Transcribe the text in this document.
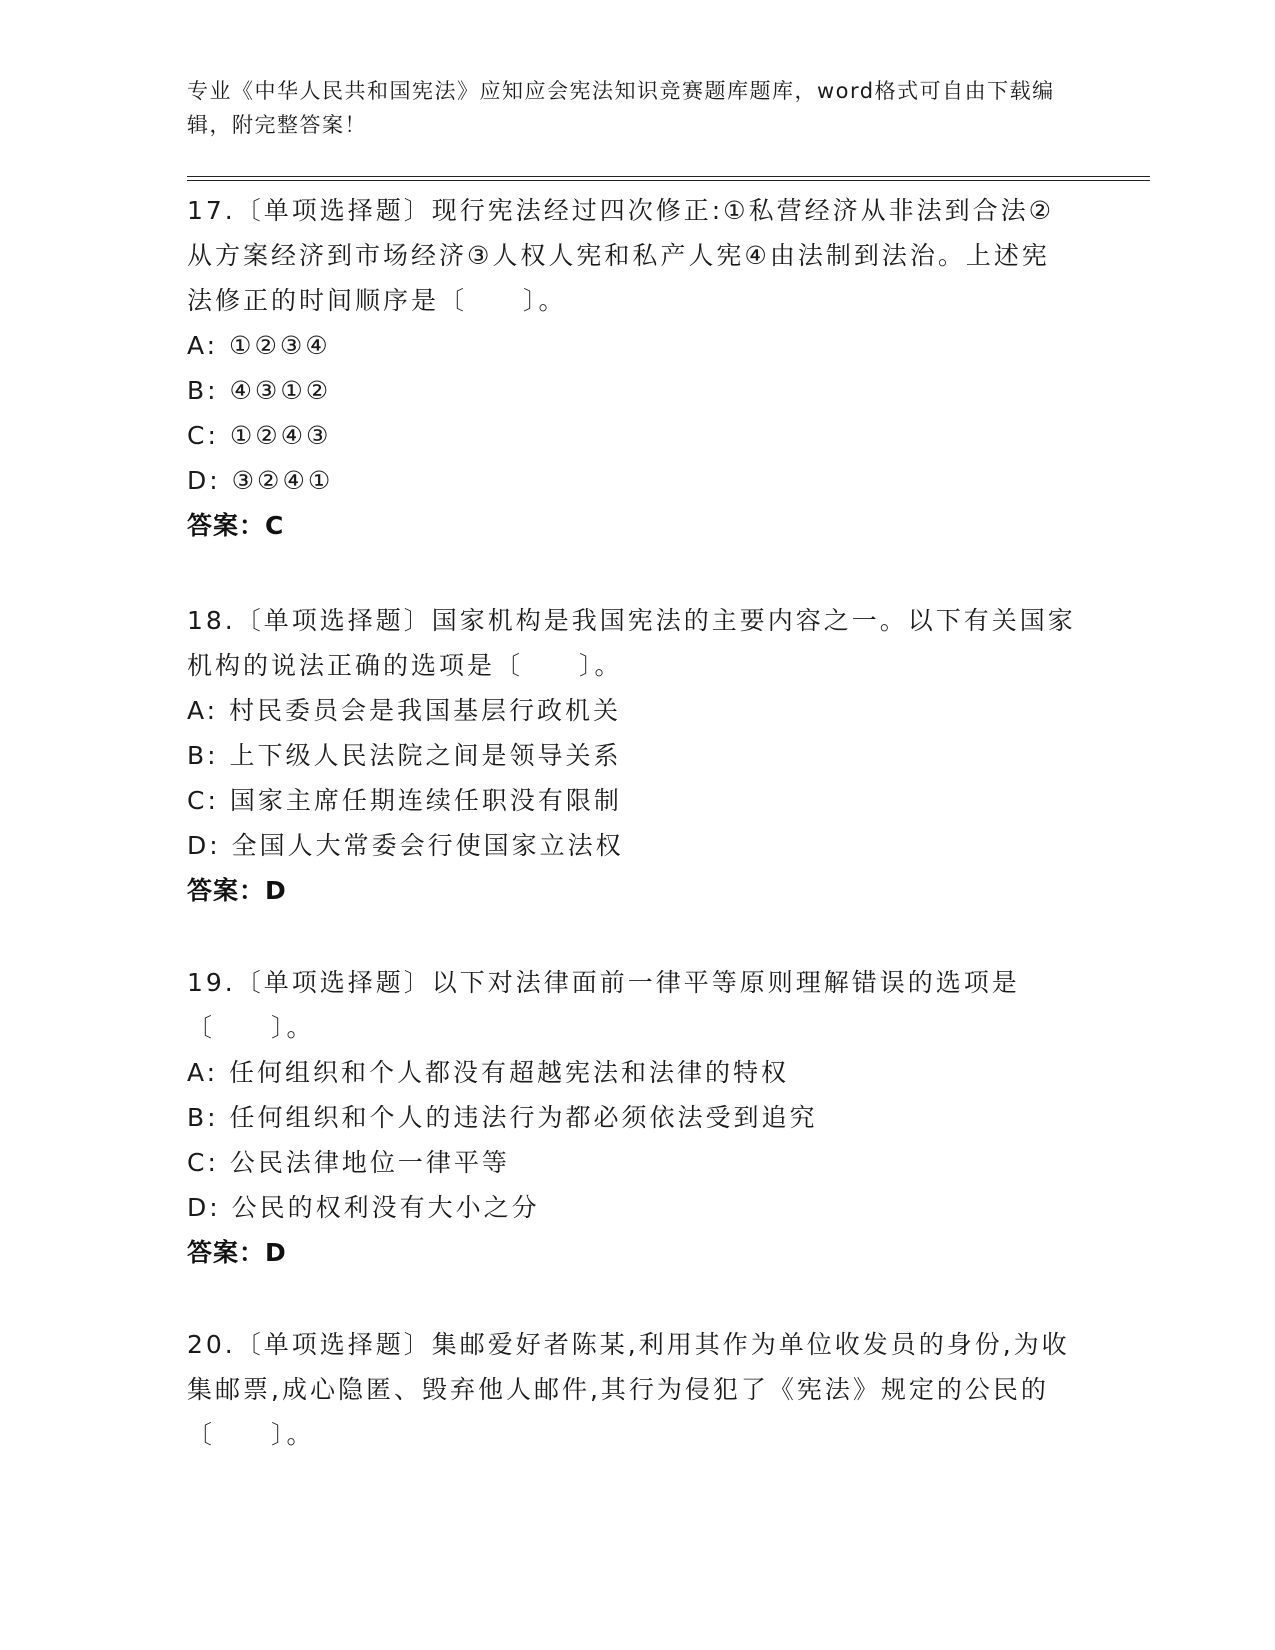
专业《中华人民共和国宪法》应知应会宪法知识竞赛题库题库，word格式可自由下载编辑，附完整答案！

17.〔单项选择题〕现行宪法经过四次修正:①私营经济从非法到合法②从方案经济到市场经济③人权人宪和私产人宪④由法制到法治。上述宪法修正的时间顺序是〔　　〕。

A: ①②③④

B: ④③①②

C: ①②④③

D: ③②④①

答案：C

18.〔单项选择题〕国家机构是我国宪法的主要内容之一。以下有关国家机构的说法正确的选项是〔　　〕。

A: 村民委员会是我国基层行政机关

B: 上下级人民法院之间是领导关系

C: 国家主席任期连续任职没有限制

D: 全国人大常委会行使国家立法权

答案：D

19.〔单项选择题〕以下对法律面前一律平等原则理解错误的选项是〔　　〕。

A: 任何组织和个人都没有超越宪法和法律的特权

B: 任何组织和个人的违法行为都必须依法受到追究

C: 公民法律地位一律平等

D: 公民的权利没有大小之分

答案：D

20.〔单项选择题〕集邮爱好者陈某,利用其作为单位收发员的身份,为收集邮票,成心隐匿、毁弃他人邮件,其行为侵犯了《宪法》规定的公民的〔　　〕。
